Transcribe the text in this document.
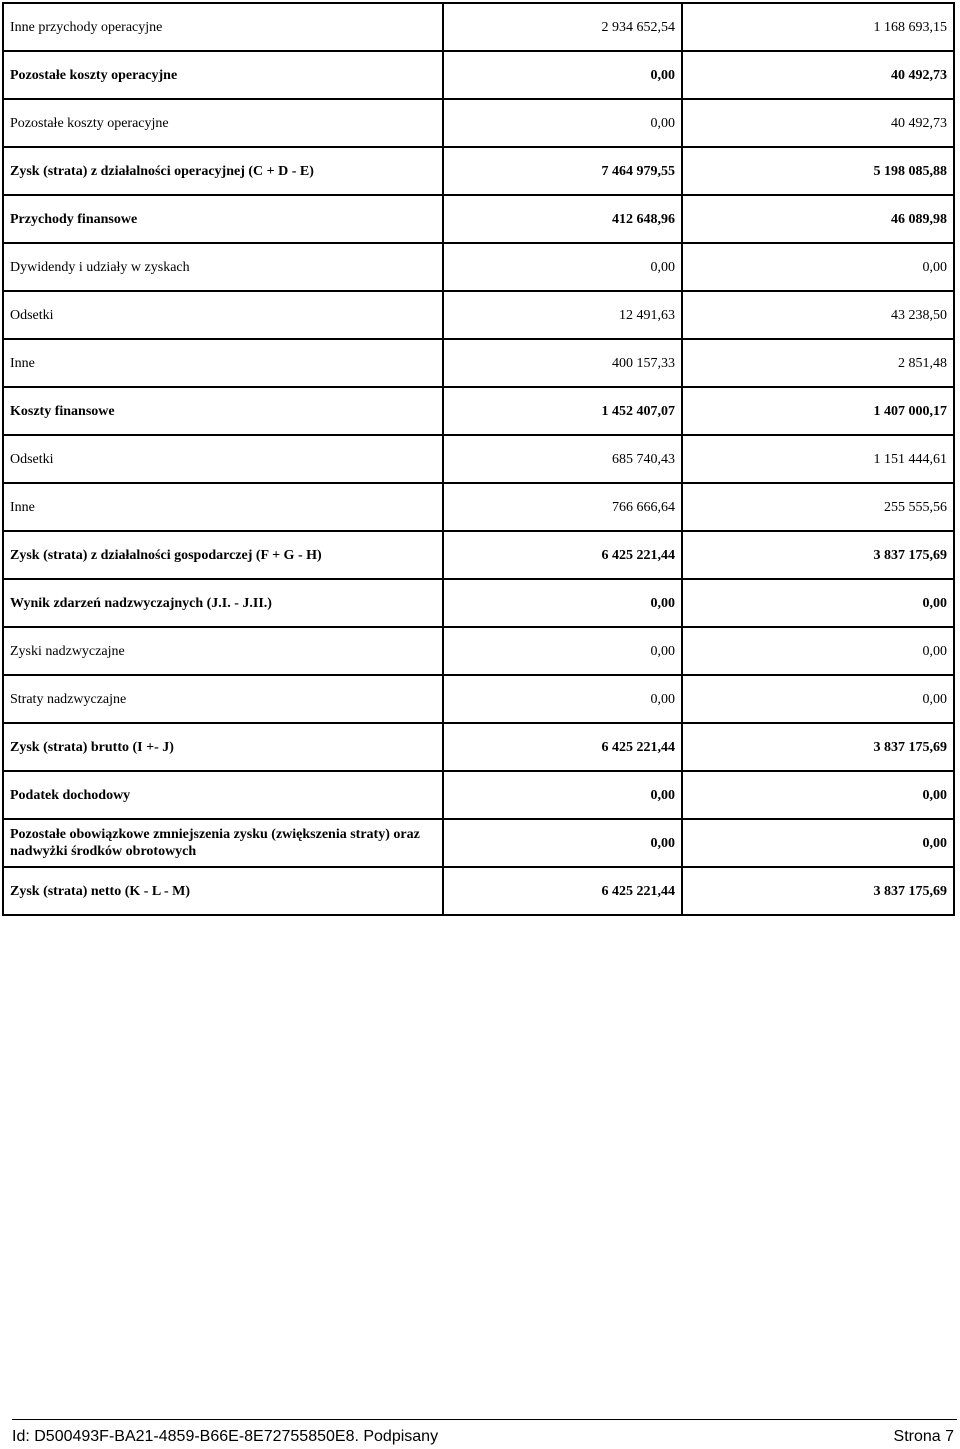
Inne przychody operacyjne	2 934 652,54	1 168 693,15
Pozostałe koszty operacyjne	0,00	40 492,73
Pozostałe koszty operacyjne	0,00	40 492,73
Zysk (strata) z działalności operacyjnej (C + D - E)	7 464 979,55	5 198 085,88
Przychody finansowe	412 648,96	46 089,98
Dywidendy i udziały w zyskach	0,00	0,00
Odsetki	12 491,63	43 238,50
Inne	400 157,33	2 851,48
Koszty finansowe	1 452 407,07	1 407 000,17
Odsetki	685 740,43	1 151 444,61
Inne	766 666,64	255 555,56
Zysk (strata) z działalności gospodarczej (F + G - H)	6 425 221,44	3 837 175,69
Wynik zdarzeń nadzwyczajnych (J.I. - J.II.)	0,00	0,00
Zyski nadzwyczajne	0,00	0,00
Straty nadzwyczajne	0,00	0,00
Zysk (strata) brutto (I +- J)	6 425 221,44	3 837 175,69
Podatek dochodowy	0,00	0,00
Pozostałe obowiązkowe zmniejszenia zysku (zwiększenia straty) oraz nadwyżki środków obrotowych	0,00	0,00
Zysk (strata) netto (K - L - M)	6 425 221,44	3 837 175,69
Id: D500493F-BA21-4859-B66E-8E72755850E8. Podpisany	Strona 7
